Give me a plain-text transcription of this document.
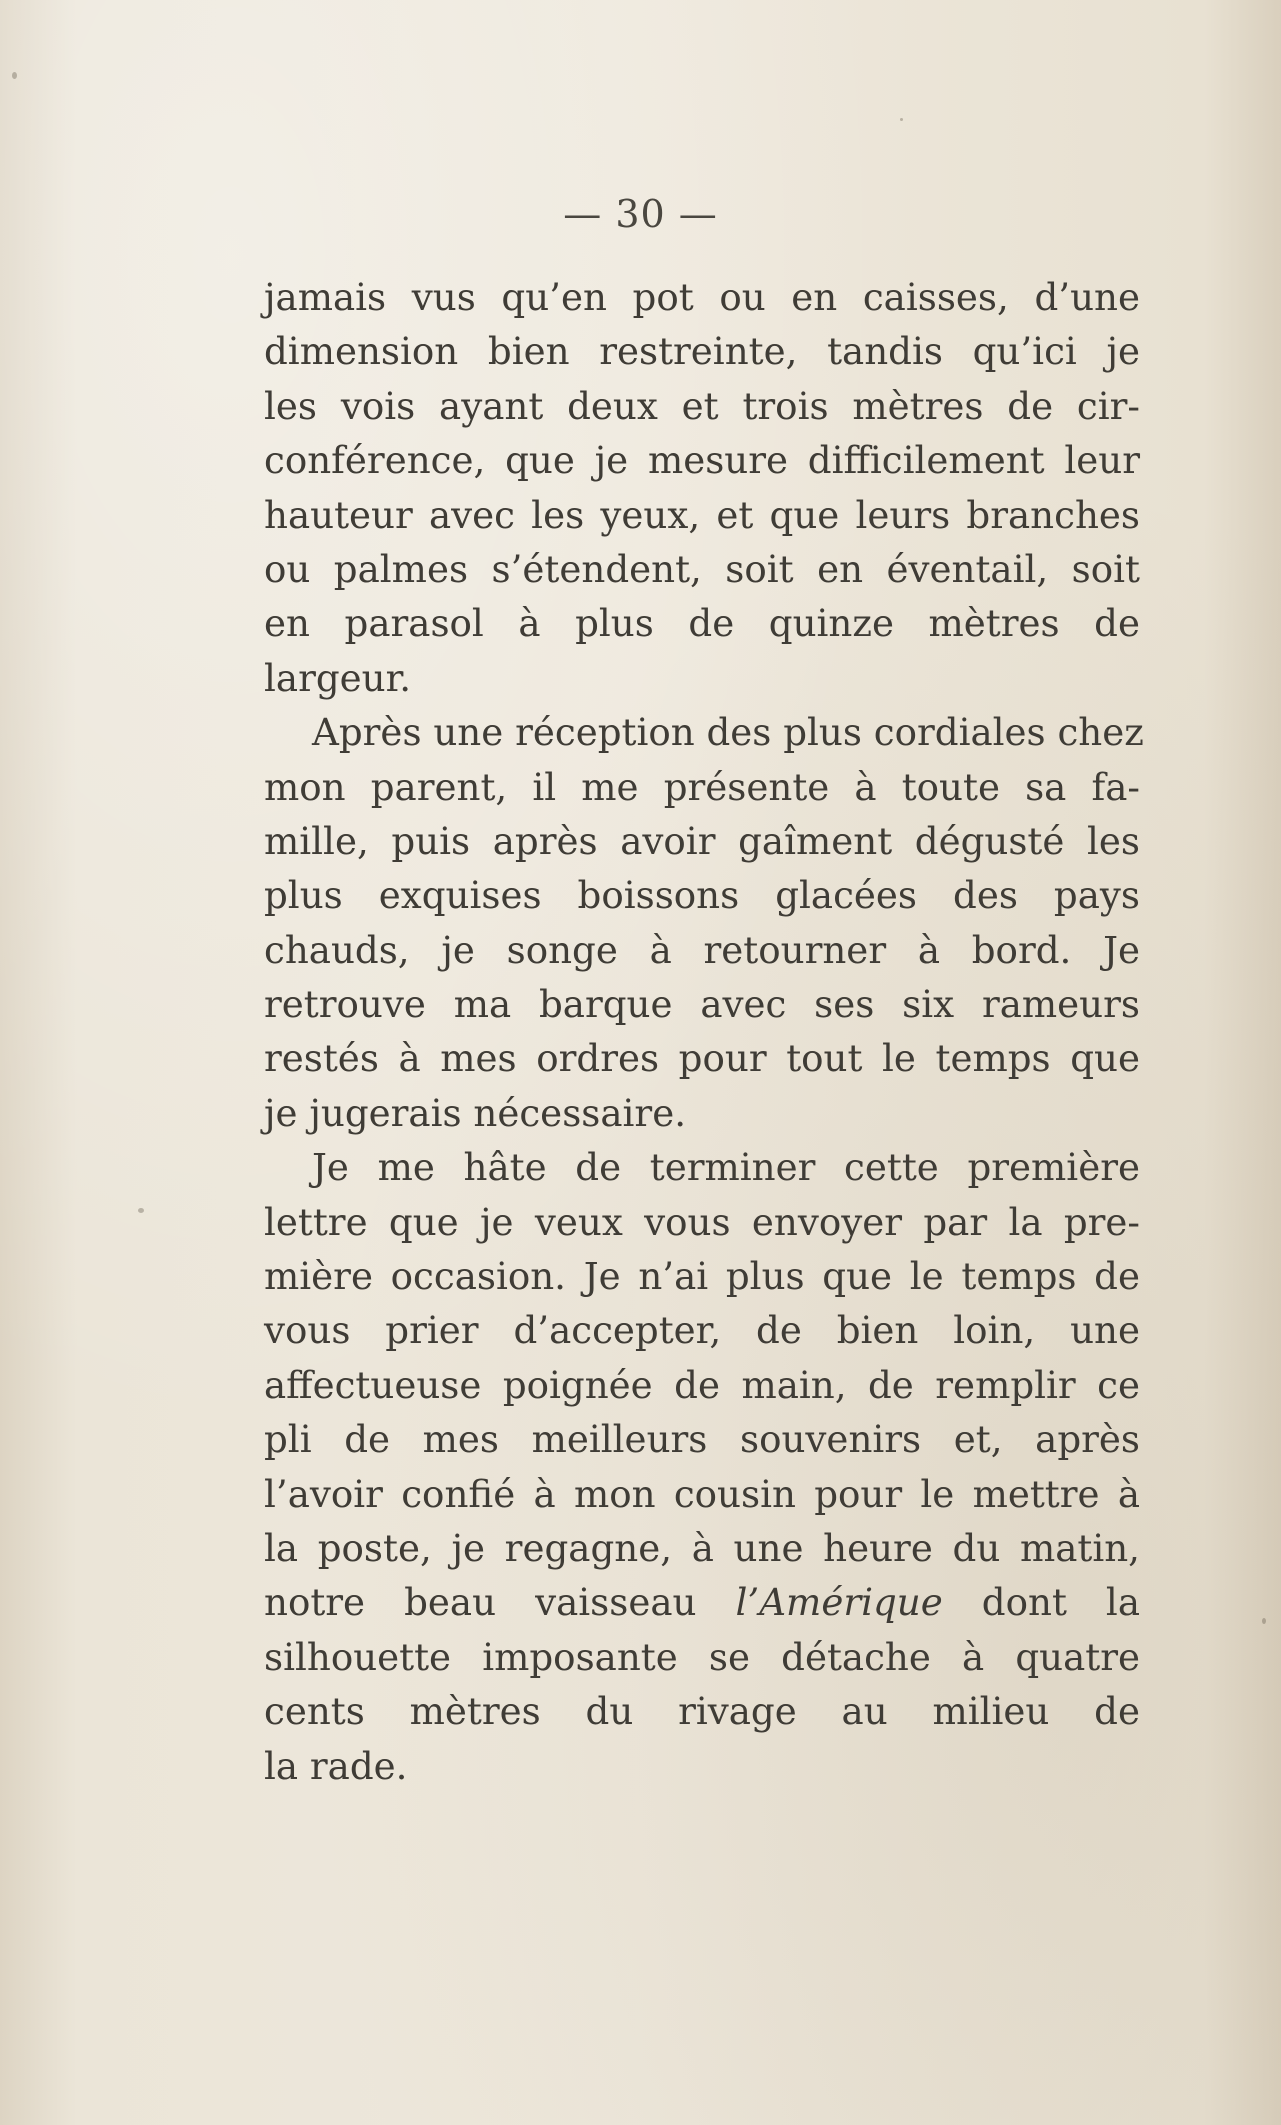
— 30 —
jamais vus qu’en pot ou en caisses, d’une
dimension bien restreinte, tandis qu’ici je
les vois ayant deux et trois mètres de cir-
conférence, que je mesure difficilement leur
hauteur avec les yeux, et que leurs branches
ou palmes s’étendent, soit en éventail, soit
en parasol à plus de quinze mètres de
largeur.
Après une réception des plus cordiales chez
mon parent, il me présente à toute sa fa-
mille, puis après avoir gaîment dégusté les
plus exquises boissons glacées des pays
chauds, je songe à retourner à bord. Je
retrouve ma barque avec ses six rameurs
restés à mes ordres pour tout le temps que
je jugerais nécessaire.
Je me hâte de terminer cette première
lettre que je veux vous envoyer par la pre-
mière occasion. Je n’ai plus que le temps de
vous prier d’accepter, de bien loin, une
affectueuse poignée de main, de remplir ce
pli de mes meilleurs souvenirs et, après
l’avoir confié à mon cousin pour le mettre à
la poste, je regagne, à une heure du matin,
notre beau vaisseau l’Amérique dont la
silhouette imposante se détache à quatre
cents mètres du rivage au milieu de
la rade.
